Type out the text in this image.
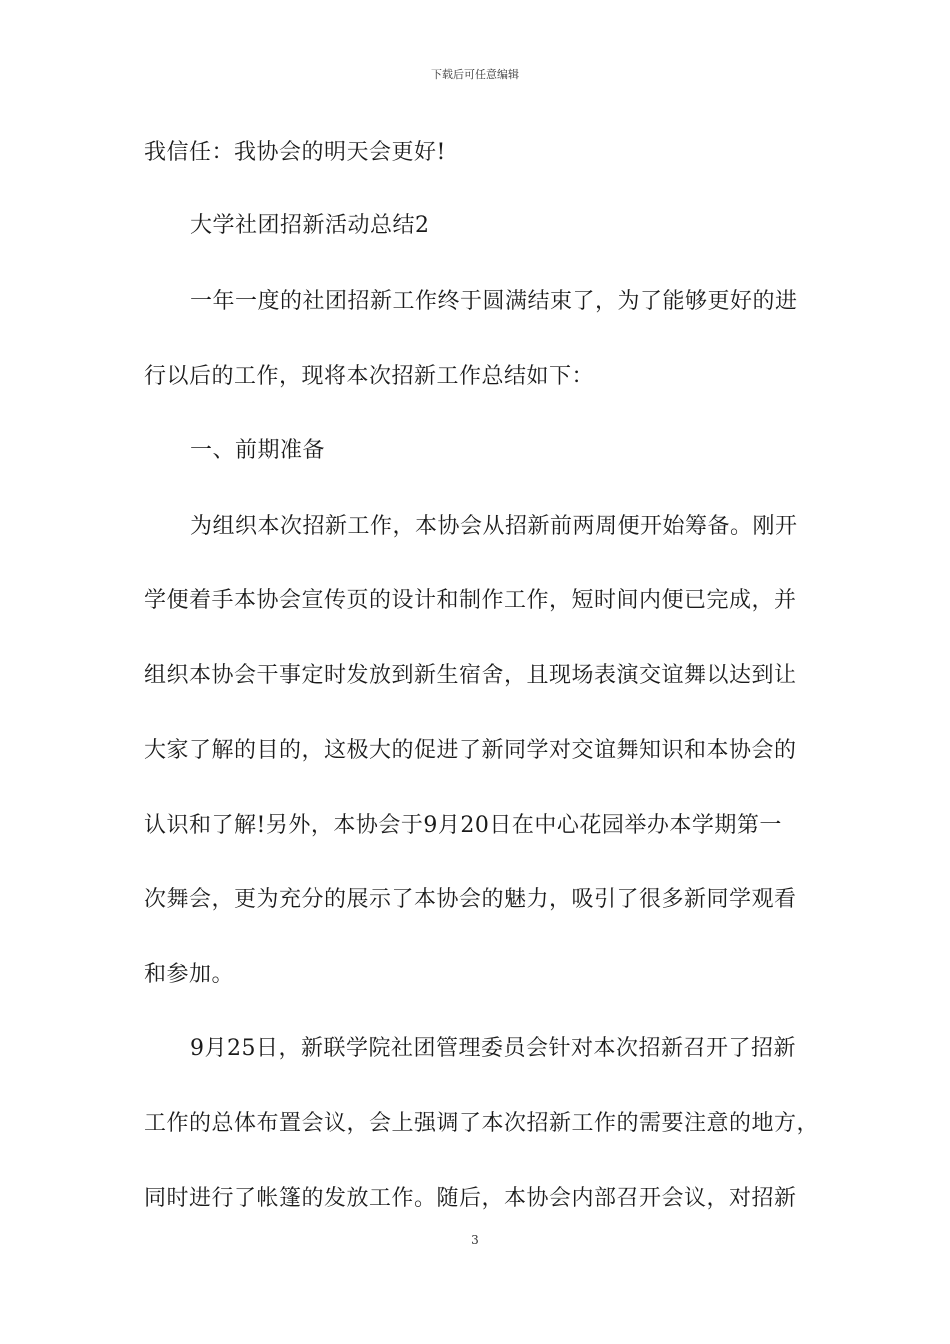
下载后可任意编辑
我信任：我协会的明天会更好!
大学社团招新活动总结2
一年一度的社团招新工作终于圆满结束了，为了能够更好的进
行以后的工作，现将本次招新工作总结如下：
一、前期准备
为组织本次招新工作，本协会从招新前两周便开始筹备。刚开
学便着手本协会宣传页的设计和制作工作，短时间内便已完成，并
组织本协会干事定时发放到新生宿舍，且现场表演交谊舞以达到让
大家了解的目的，这极大的促进了新同学对交谊舞知识和本协会的
认识和了解!另外，本协会于9月20日在中心花园举办本学期第一
次舞会，更为充分的展示了本协会的魅力，吸引了很多新同学观看
和参加。
9月25日，新联学院社团管理委员会针对本次招新召开了招新
工作的总体布置会议，会上强调了本次招新工作的需要注意的地方，
同时进行了帐篷的发放工作。随后，本协会内部召开会议，对招新
3
